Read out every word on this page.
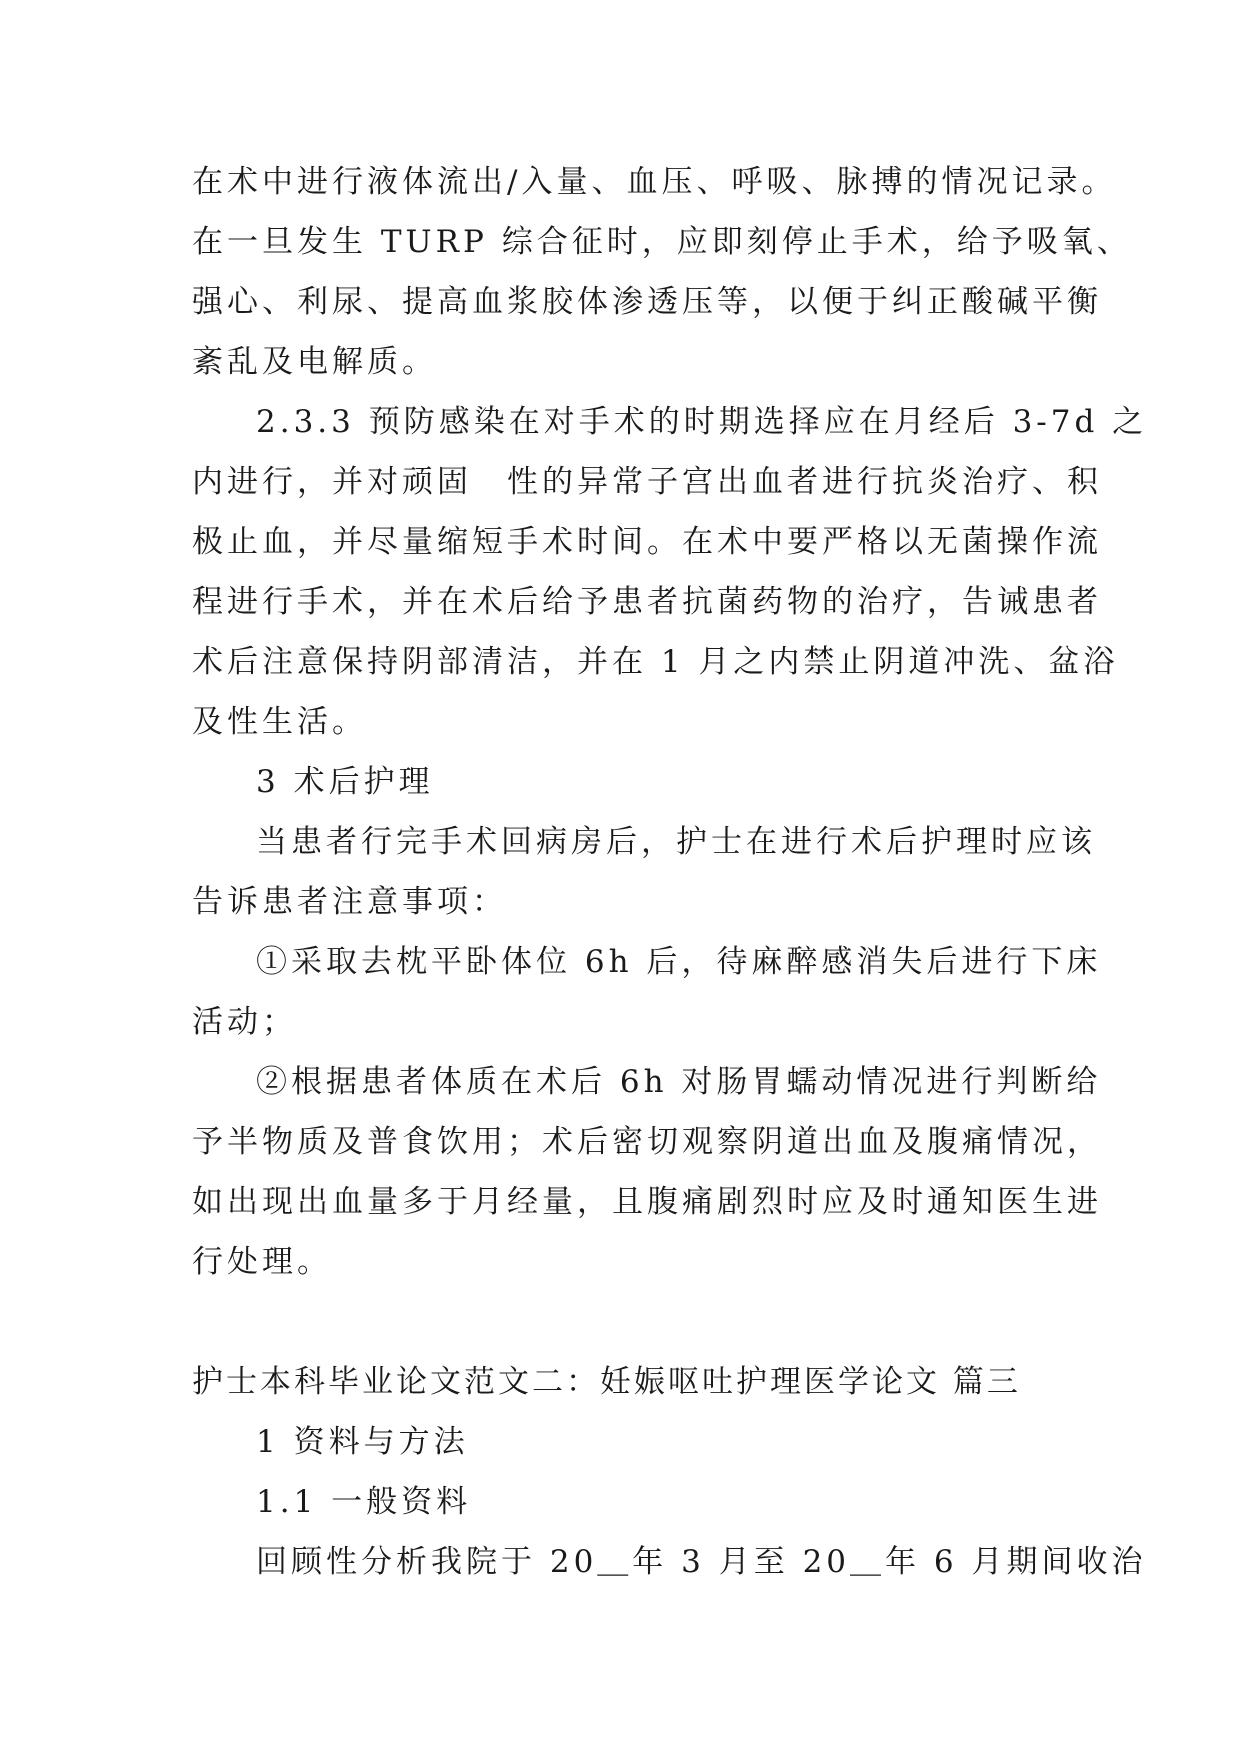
在术中进行液体流出/入量、血压、呼吸、脉搏的情况记录。
在一旦发生 TURP 综合征时，应即刻停止手术，给予吸氧、
强心、利尿、提高血浆胶体渗透压等，以便于纠正酸碱平衡
紊乱及电解质。
2.3.3 预防感染在对手术的时期选择应在月经后 3-7d 之
内进行，并对顽固　性的异常子宫出血者进行抗炎治疗、积
极止血，并尽量缩短手术时间。在术中要严格以无菌操作流
程进行手术，并在术后给予患者抗菌药物的治疗，告诫患者
术后注意保持阴部清洁，并在 1 月之内禁止阴道冲洗、盆浴
及性生活。
3 术后护理
当患者行完手术回病房后，护士在进行术后护理时应该
告诉患者注意事项：
①采取去枕平卧体位 6h 后，待麻醉感消失后进行下床
活动；
②根据患者体质在术后 6h 对肠胃蠕动情况进行判断给
予半物质及普食饮用；术后密切观察阴道出血及腹痛情况，
如出现出血量多于月经量，且腹痛剧烈时应及时通知医生进
行处理。
护士本科毕业论文范文二：妊娠呕吐护理医学论文 篇三
1 资料与方法
1.1 一般资料
回顾性分析我院于 20＿年 3 月至 20＿年 6 月期间收治
